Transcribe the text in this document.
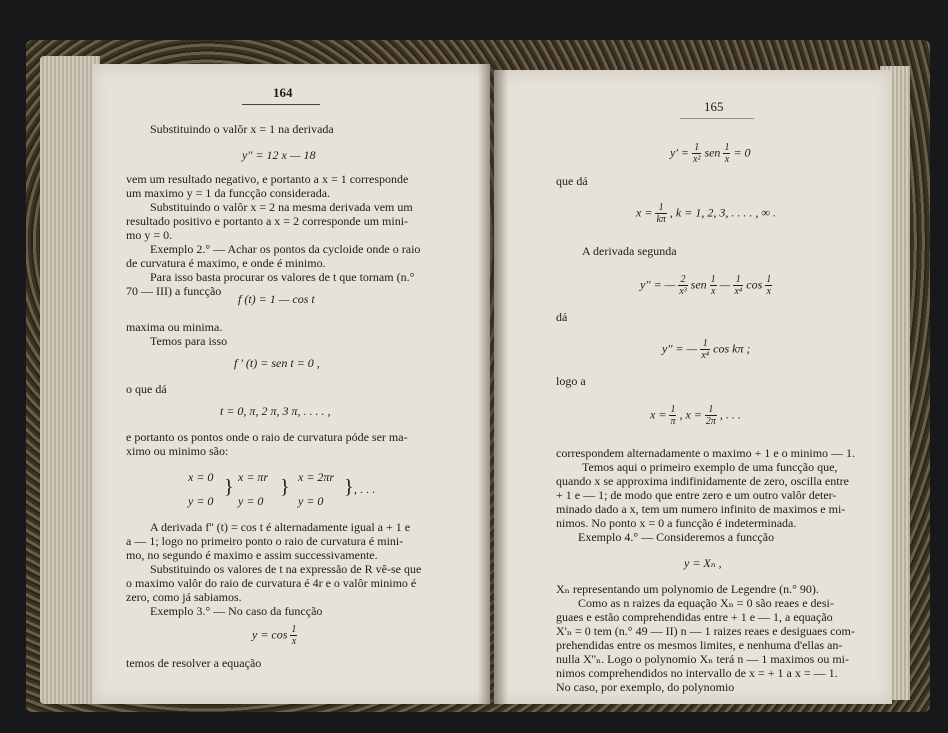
164
Substituindo o valôr x = 1 na derivada
y'' = 12 x — 18
vem um resultado negativo, e portanto a x = 1 corresponde
um maximo y = 1 da funcção considerada.
Substituindo o valôr x = 2 na mesma derivada vem um
resultado positivo e portanto a x = 2 corresponde um mini-
mo y = 0.
Exemplo 2.° — Achar os pontos da cycloide onde o raio
de curvatura é maximo, e onde é minimo.
Para isso basta procurar os valores de t que tornam (n.°
70 — III) a funcção
f (t) = 1 — cos t
maxima ou minima.
Temos para isso
f ' (t) = sen t = 0 ,
o que dá
t = 0, π, 2 π, 3 π, . . . . ,
e portanto os pontos onde o raio de curvatura póde ser ma-
ximo ou minimo são:
x = 0
y = 0
} x = πr
y = 0
} x = 2πr
y = 0
} , . . .
A derivada f'' (t) = cos t é alternadamente igual a + 1 e
a — 1; logo no primeiro ponto o raio de curvatura é mini-
mo, no segundo é maximo e assim successivamente.
Substituindo os valores de t na expressão de R vê-se que
o maximo valôr do raio de curvatura é 4r e o valôr minimo é
zero, como já sabiamos.
Exemplo 3.° — No caso da funcção
$y = \cos \frac{1}{x}$
temos de resolver a equação
165
$y' = \frac{1}{\text{x²}}$ sen $\frac{1}{x} = 0$
que dá
$x = \frac{1}{k\pi}$ , k = 1, 2, 3, . . . . , ∞ .
A derivada segunda
y'' = — $\frac{2}{\text{x³}}$ sen $\frac{1}{x}$ — $\frac{1}{\text{x⁴}}$ $\cos \frac{1}{x}$
dá
y'' = — $\frac{1}{\text{x⁴}}$ cos kπ ;
logo a
$x = \frac{1}{\pi}$ , $x = \frac{1}{2\pi}$ , . . .
correspondem alternadamente o maximo + 1 e o minimo — 1.
Temos aqui o primeiro exemplo de uma funcção que,
quando x se approxima indifinidamente de zero, oscilla entre
+ 1 e — 1; de modo que entre zero e um outro valôr deter-
minado dado a x, tem um numero infinito de maximos e mi-
nimos. No ponto x = 0 a funcção é indeterminada.
Exemplo 4.° — Consideremos a funcção
y = Xₙ ,
Xₙ representando um polynomio de Legendre (n.° 90).
Como as n raizes da equação Xₙ = 0 são reaes e desi-
guaes e estão comprehendidas entre + 1 e — 1, a equação
X'ₙ = 0 tem (n.° 49 — II) n — 1 raizes reaes e desiguaes com-
prehendidas entre os mesmos limites, e nenhuma d'ellas an-
nulla X''ₙ. Logo o polynomio Xₙ terá n — 1 maximos ou mi-
nimos comprehendidos no intervallo de x = + 1 a x = — 1.
No caso, por exemplo, do polynomio
